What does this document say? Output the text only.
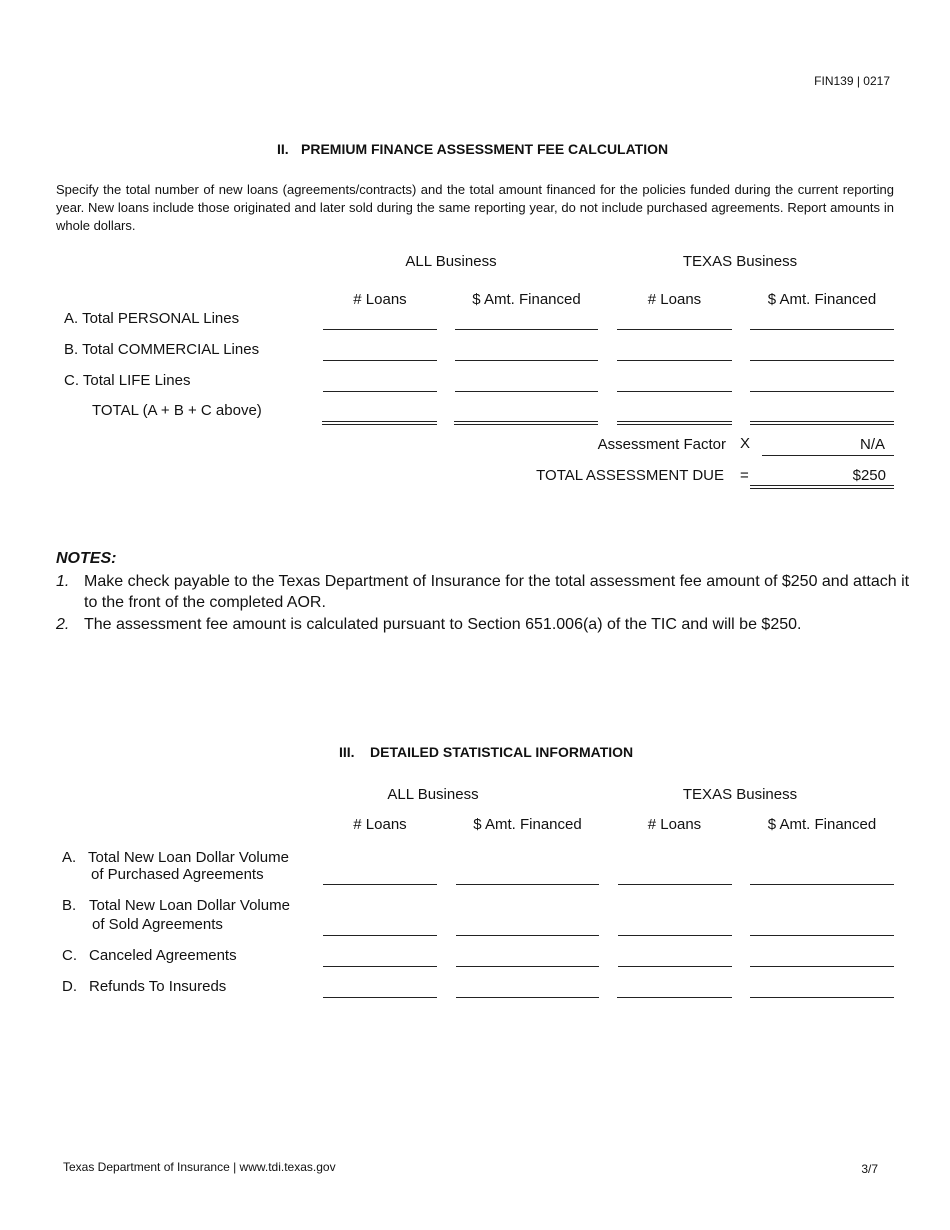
FIN139 | 0217
II. PREMIUM FINANCE ASSESSMENT FEE CALCULATION
Specify the total number of new loans (agreements/contracts) and the total amount financed for the policies funded during the current reporting year. New loans include those originated and later sold during the same reporting year, do not include purchased agreements. Report amounts in whole dollars.
ALL Business	TEXAS Business
# Loans	$ Amt. Financed	# Loans	$ Amt. Financed
A. Total PERSONAL Lines
B. Total COMMERCIAL Lines
C. Total LIFE Lines
TOTAL (A + B + C above)
Assessment Factor X	N/A
TOTAL ASSESSMENT DUE =	$250
NOTES:
1. Make check payable to the Texas Department of Insurance for the total assessment fee amount of $250 and attach it to the front of the completed AOR.
2. The assessment fee amount is calculated pursuant to Section 651.006(a) of the TIC and will be $250.
III. DETAILED STATISTICAL INFORMATION
ALL Business	TEXAS Business
# Loans	$ Amt. Financed	# Loans	$ Amt. Financed
A. Total New Loan Dollar Volume
of Purchased Agreements
B. Total New Loan Dollar Volume
of Sold Agreements
C. Canceled Agreements
D. Refunds To Insureds
Texas Department of Insurance | www.tdi.texas.gov	3/7
